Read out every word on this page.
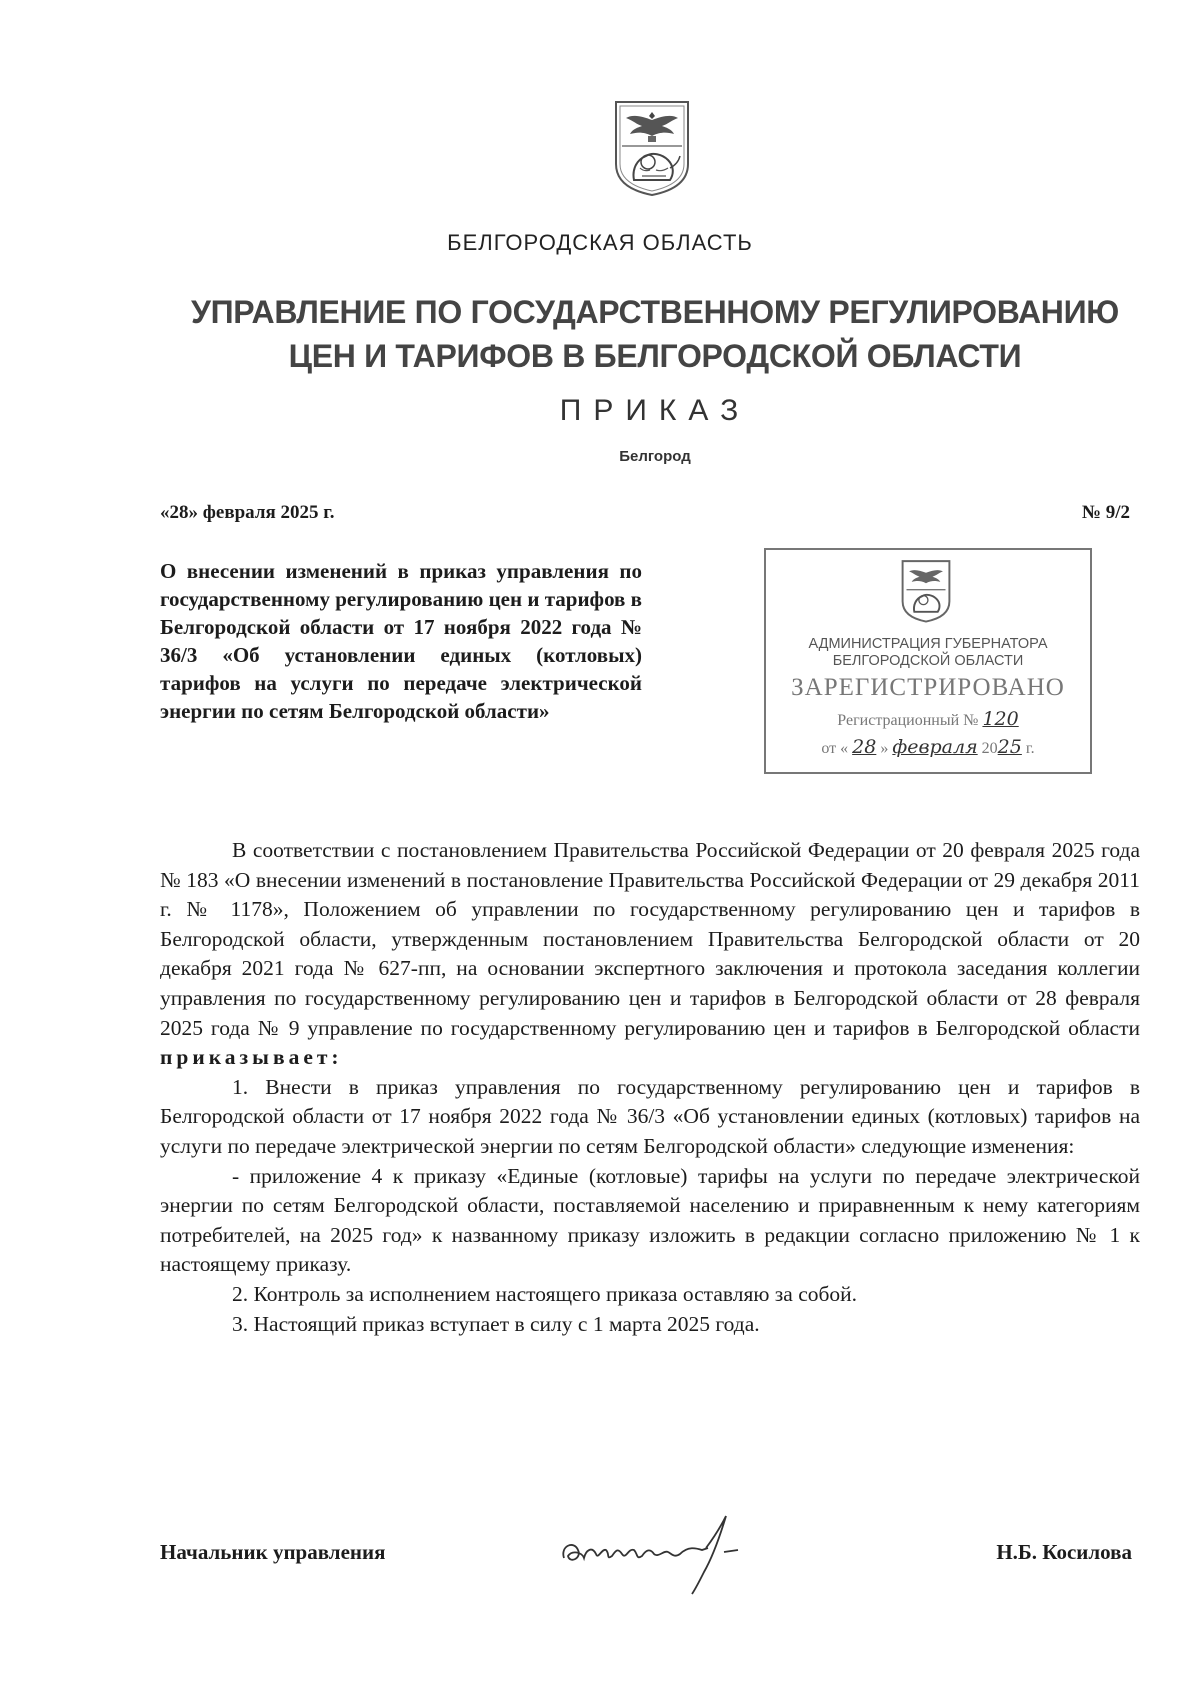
БЕЛГОРОДСКАЯ ОБЛАСТЬ
УПРАВЛЕНИЕ ПО ГОСУДАРСТВЕННОМУ РЕГУЛИРОВАНИЮ
ЦЕН И ТАРИФОВ В БЕЛГОРОДСКОЙ ОБЛАСТИ
ПРИКАЗ
Белгород
«28» февраля 2025 г.	№ 9/2
О внесении изменений в приказ управления по государственному регулированию цен и тарифов в Белгородской области от 17 ноября 2022 года № 36/3 «Об установлении единых (котловых) тарифов на услуги по передаче электрической энергии по сетям Белгородской области»
АДМИНИСТРАЦИЯ ГУБЕРНАТОРА
БЕЛГОРОДСКОЙ ОБЛАСТИ
ЗАРЕГИСТРИРОВАНО
Регистрационный № 120
от « 28 » февраля 2025 г.

В соответствии с постановлением Правительства Российской Федерации от 20 февраля 2025 года № 183 «О внесении изменений в постановление Правительства Российской Федерации от 29 декабря 2011 г. № 1178», Положением об управлении по государственному регулированию цен и тарифов в Белгородской области, утвержденным постановлением Правительства Белгородской области от 20 декабря 2021 года № 627-пп, на основании экспертного заключения и протокола заседания коллегии управления по государственному регулированию цен и тарифов в Белгородской области от 28 февраля 2025 года № 9 управление по государственному регулированию цен и тарифов в Белгородской области приказывает:

1. Внести в приказ управления по государственному регулированию цен и тарифов в Белгородской области от 17 ноября 2022 года № 36/3 «Об установлении единых (котловых) тарифов на услуги по передаче электрической энергии по сетям Белгородской области» следующие изменения:

- приложение 4 к приказу «Единые (котловые) тарифы на услуги по передаче электрической энергии по сетям Белгородской области, поставляемой населению и приравненным к нему категориям потребителей, на 2025 год» к названному приказу изложить в редакции согласно приложению № 1 к настоящему приказу.

2. Контроль за исполнением настоящего приказа оставляю за собой.

3. Настоящий приказ вступает в силу с 1 марта 2025 года.

Начальник управления	Н.Б. Косилова
